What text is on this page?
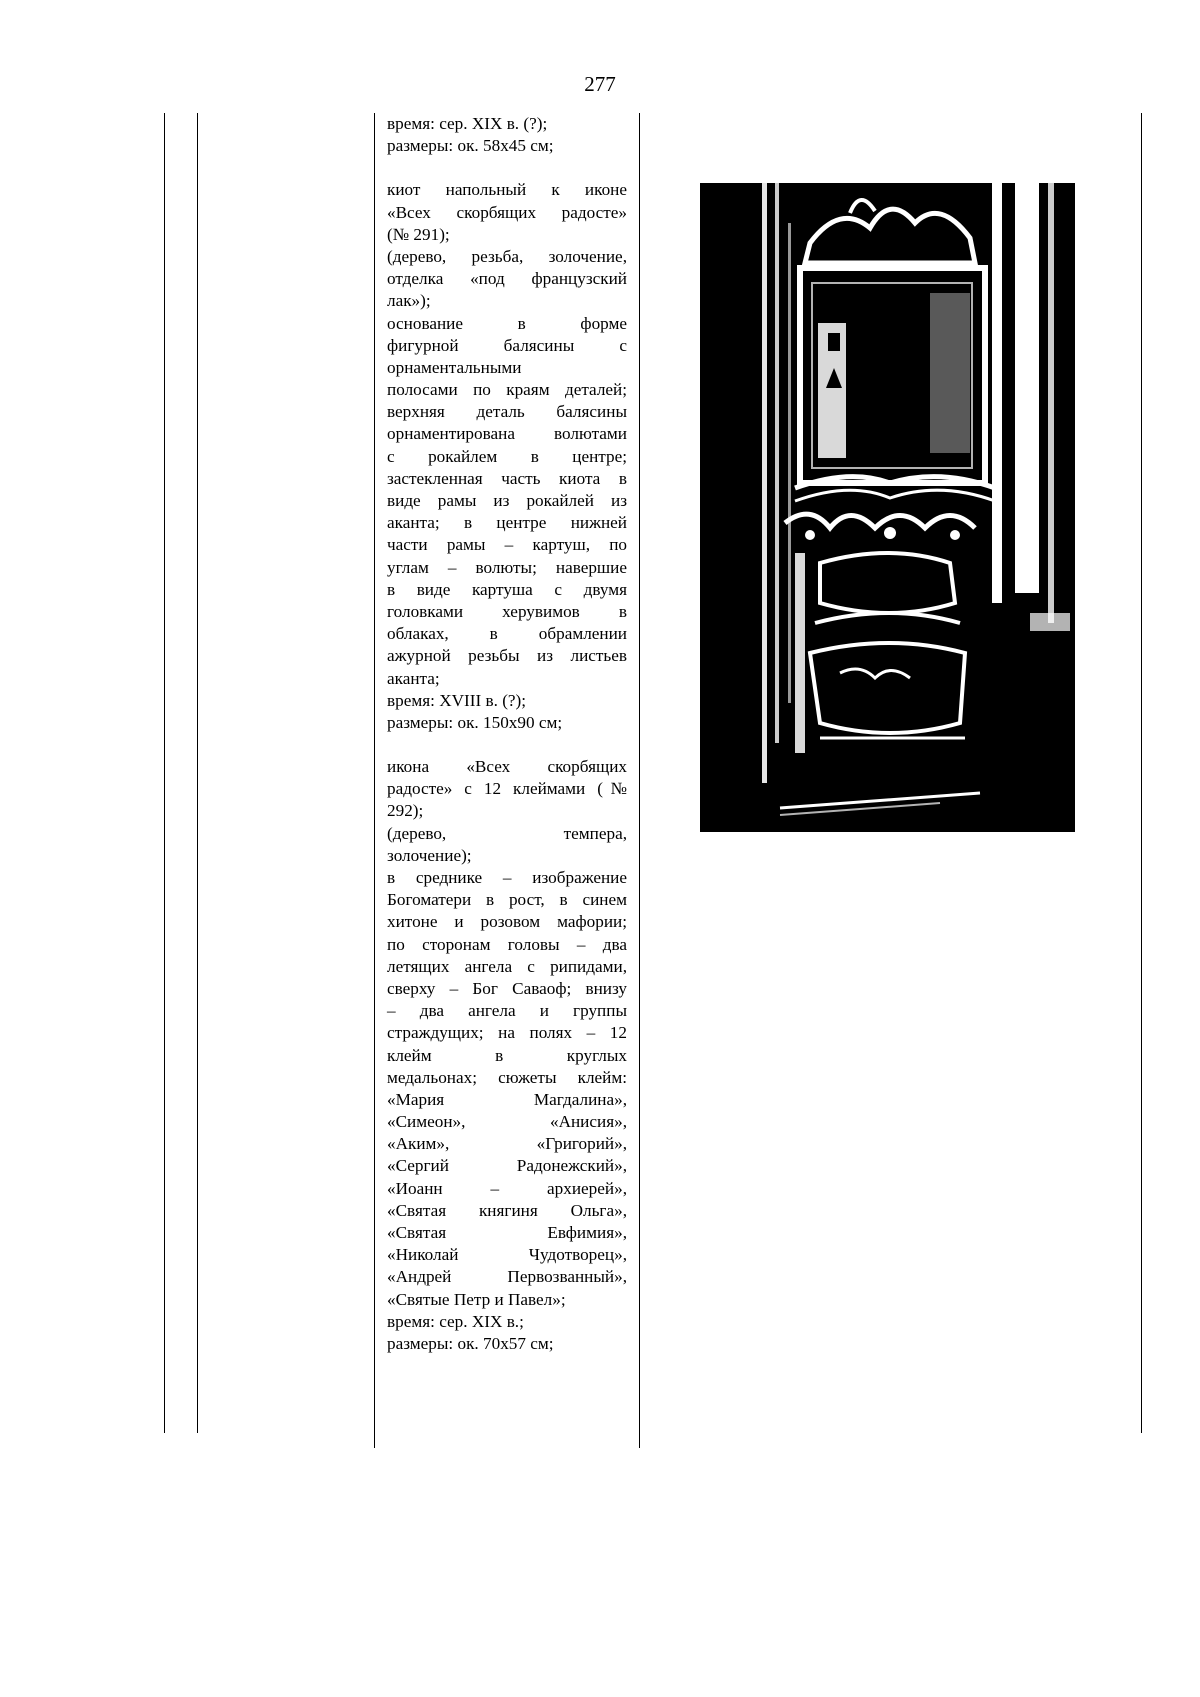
277
время: сер. XIX в. (?);
размеры: ок. 58x45 см;
киот напольный к иконе
«Всех скорбящих радосте»
(№ 291);
(дерево, резьба, золочение,
отделка «под французский
лак»);
основание в форме
фигурной балясины с
орнаментальными
полосами по краям деталей;
верхняя деталь балясины
орнаментирована волютами
с рокайлем в центре;
застекленная часть киота в
виде рамы из рокайлей из
аканта; в центре нижней
части рамы – картуш, по
углам – волюты; навершие
в виде картуша с двумя
головками херувимов в
облаках, в обрамлении
ажурной резьбы из листьев
аканта;
время: XVIII в. (?);
размеры: ок. 150x90 см;
икона «Всех скорбящих
радосте» с 12 клеймами (№
292);
(дерево, темпера,
золочение);
в среднике – изображение
Богоматери в рост, в синем
хитоне и розовом мафории;
по сторонам головы – два
летящих ангела с рипидами,
сверху – Бог Саваоф; внизу
– два ангела и группы
страждущих; на полях – 12
клейм в круглых
медальонах; сюжеты клейм:
«Мария Магдалина»,
«Симеон», «Анисия»,
«Аким», «Григорий»,
«Сергий Радонежский»,
«Иоанн – архиерей»,
«Святая княгиня Ольга»,
«Святая Евфимия»,
«Николай Чудотворец»,
«Андрей Первозванный»,
«Святые Петр и Павел»;
время: сер. XIX в.;
размеры: ок. 70x57 см;
